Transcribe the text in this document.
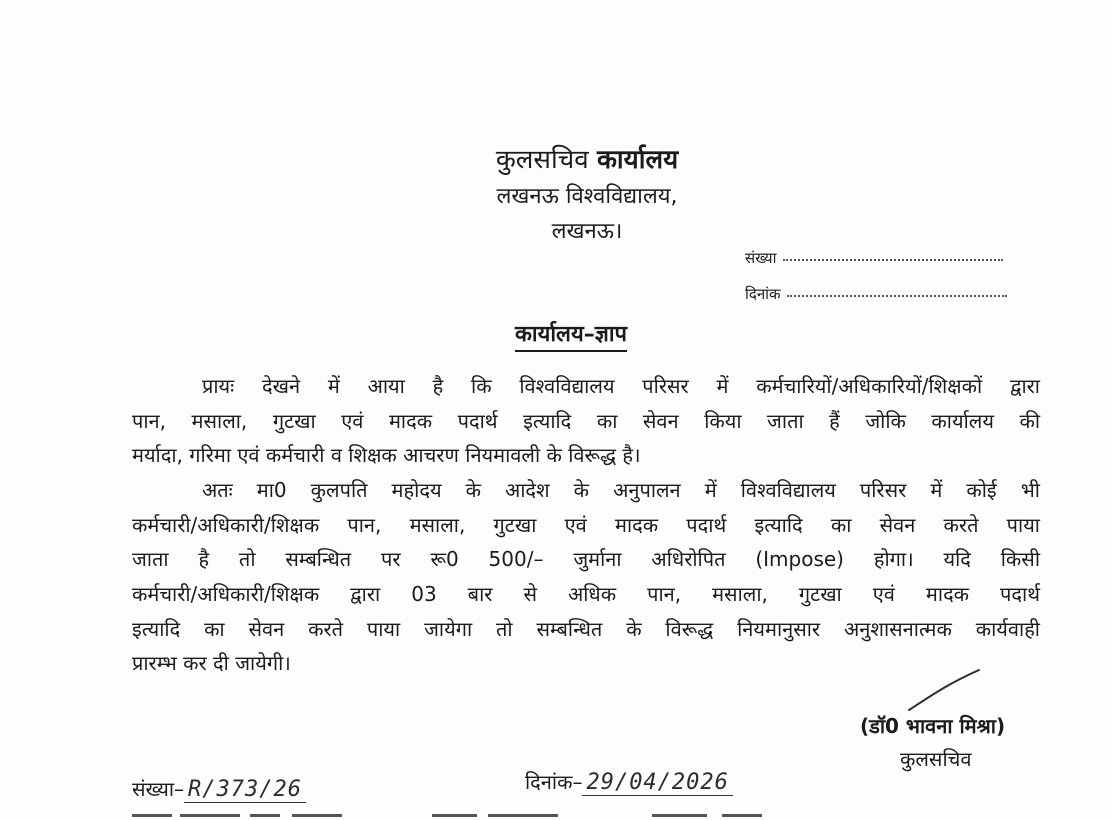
कुलसचिव कार्यालय
लखनऊ विश्वविद्यालय,
लखनऊ।
संख्या
दिनांक
कार्यालय–ज्ञाप
प्रायः देखने में आया है कि विश्वविद्यालय परिसर में कर्मचारियों/अधिकारियों/शिक्षकों द्वारा
पान, मसाला, गुटखा एवं मादक पदार्थ इत्यादि का सेवन किया जाता हैं जोकि कार्यालय की
मर्यादा, गरिमा एवं कर्मचारी व शिक्षक आचरण नियमावली के विरूद्ध है।
अतः मा0 कुलपति महोदय के आदेश के अनुपालन में विश्वविद्यालय परिसर में कोई भी
कर्मचारी/अधिकारी/शिक्षक पान, मसाला, गुटखा एवं मादक पदार्थ इत्यादि का सेवन करते पाया
जाता है तो सम्बन्धित पर रू0 500/– जुर्माना अधिरोपित (Impose) होगा। यदि किसी
कर्मचारी/अधिकारी/शिक्षक द्वारा 03 बार से अधिक पान, मसाला, गुटखा एवं मादक पदार्थ
इत्यादि का सेवन करते पाया जायेगा तो सम्बन्धित के विरूद्ध नियमानुसार अनुशासनात्मक कार्यवाही
प्रारम्भ कर दी जायेगी।
(डॉ0 भावना मिश्रा)
कुलसचिव
संख्या– R/373/26	दिनांक– 29/04/2026
